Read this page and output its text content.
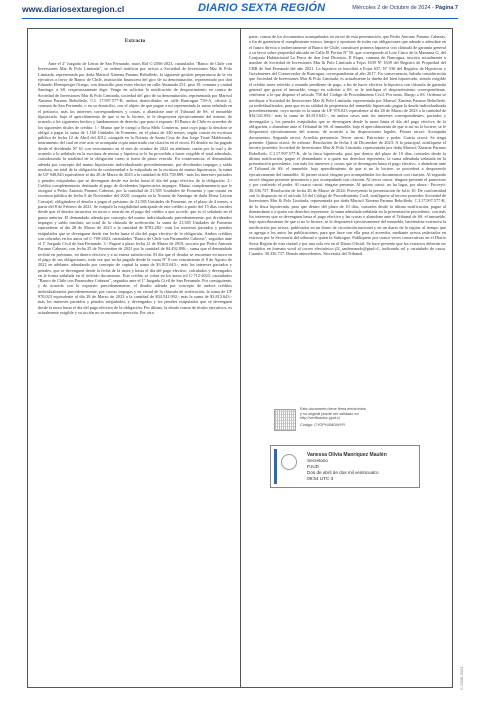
www.diariosextaregion.cl	DIARIO SEXTA REGIÓN	Miércoles 2 de Octubre de 2024 - Página 7
Extracto

Ante el 2º Juzgado de Letras de San Fernando, autos Rol C-2506-2023, caratulados "Banco de Chile con Inversiones Mar & Polo Limitada", se ordenó notificar por avisos a Sociedad de Inversiones Mar & Polo Limitada, representada por doña Marisol Ximena Paramo Rebolledo, la siguiente gestión preparatoria de la vía ejecutiva a favor de Banco de Chile, institución financiera del giro de su denominación, representado por don Eduardo Ebensperger Orrego, con domicilio para estos efectos en calle Ahumada 251, piso 10, comuna y ciudad Santiago, a SS. respetuosamente digo: Vengo en solicitar la notificación de desposeimiento en contra de Sociedad de Inversiones Mar & Polo Limitada, sociedad del giro de su denominación, representada por Marisol Ximena Paramo Rebolledo, C.I. 17.997.577-K, ambos domiciliados en calle Rancagua 739-A, oficina 2, comuna de San Fernando, o en su domicilio, con el objeto de que pague a mi representado la suma señalada en el petitorio, más los intereses correspondientes y costas, o abandone ante el Tribunal de SS. el inmueble hipotecado, bajo el apercibimiento de que si no lo hiciere, se le desposeerá ejecutivamente del mismo, de acuerdo a los siguientes hechos y fundamentos de derecho que paso a exponer: El Banco de Chile es acreedor de los siguientes títulos de crédito: 1.- Mutuo que le otorgó a Rosa Melo Contreras, para cuyo pago la deudora se obligó a pagar la suma de 1.160 Unidades de Fomento, en el plazo de 240 meses, según consta en escritura pública de fecha 12 de Abril del 2012, otorgada en la Notaría de Santa Cruz de don Jorge Tisné Maldonado, instrumento del cual en este acto se acompaña copia autorizada con citación en el otrosí. El deudor no ha pagado desde el dividendo Nº 61 con vencimiento en el mes de octubre de 2022 en adelante, razón por la cual y de acuerdo a lo señalado en la escritura de mutuo y hipoteca se le ha procedido a hacer exigible el total adeudado, considerando la totalidad de la obligación como si fuera de plazo vencido. En consecuencia, el demandado adeuda por concepto del mutuo hipotecario individualizado precedentemente, por dividendos impagos y saldo insoluto, un total de la obligación de conformidad a lo estipulado en la escritura de mutuo hipotecario, la suma de UF 948,843 equivalente al día 28 de Marzo de 2023 a la cantidad de $33.758.889.- más los intereses pactados y penales estipulados que se devenguen desde esa fecha hasta el día del pago efectivo de la obligación. 2.- Crédito complementario destinado al pago de dividendos hipotecarios impagos: Mutuo complementario que le otorgara a Pedro Antonio Paramo Cabezas, por la cantidad de 21,585 Unidades de Fomento y que consta en escritura pública de fecha 8 de Noviembre del 2020, otorgada en la Notaría de Santiago de doña Elena Leyton Carvajal, obligándose el deudor a pagar el préstamo de 21,585 Unidades de Fomento, en el plazo de 4 meses, a partir del 8 de Febrero de 2021. Se estipuló la exigibilidad anticipada de este crédito a partir del 15 días corridos desde que el deudor incurriera en mora o retardo en el pago del crédito a que accede, que es el señalado en el punto anterior. El demandado adeuda por concepto del mutuo individualizado precedentemente, por dividendos impagos y saldo insoluto, un total de la cláusula de aceleración, la suma de 21,585 Unidades de Fomento equivalente al día 28 de Marzo de 2023 a la cantidad de $782.282.- más los intereses pactados y penales estipulados que se devenguen desde esa fecha hasta el día del pago efectivo de la obligación. Ambos créditos son cobrados en los autos rol C-709-2023, caratulados "Banco de Chile con Paramoñez Cabezas", seguidos ante el 1º Juzgado Civil de San Fernando. 3.- Pagaré a plazo fecha 21 de Marzo de 2019, suscrito por Pedro Antonio Paramo Cabezas, con fecha 25 de Noviembre de 2021 por la cantidad de $4.492.896.-, suma que el demandado recibió en préstamo, en dinero efectivo y a su entera satisfacción. El día que el deudor se encuentre en mora en el pago de sus obligaciones, toda vez que no ha pagado desde la cuota Nº 8 con vencimiento el 8 de Agosto de 2022 en adelante, adeudando por concepto de capital la suma de $3.815.643.-, más los intereses pactados y penales, que se devenguen desde la fecha de la mora y hasta el día del pago efectivo, calculados y devengados en la forma señalada en el referido documento. Este crédito se cobra en los autos rol C-712-2023, caratulados "Banco de Chile con Paramoñez Cabezas", seguidos ante el 1º Juzgado Civil de San Fernando. Por consiguiente, y de acuerdo con lo expuesto precedentemente, el deudor adeuda por concepto de ambos créditos individualizados precedentemente, por cuotas impagas y en virtud de la cláusula de aceleración, la suma de UF 970,023 equivalente al día 28 de Marzo de 2023 a la cantidad de $34.541.092.- más la suma de $3.815.643.- más los intereses pactados y penales estipulados, y devengados y los penales estipulados que se devenguen desde la mora hasta el día del pago efectivo de la obligación. Por último, la deuda consta de títulos ejecutivos, es actualmente exigible y su acción no se encuentra prescrita. Por otra

parte, consta de los documentos acompañados en otrosí de esta presentación, que Pedro Antonio Paramo Cabezas, a fin de garantizar el cumplimiento exacto, íntegro y oportuno de todas sus obligaciones que adeude o adeudare en el futuro directa o indirectamente al Banco de Chile, constituyó primera hipoteca con cláusula de garantía general a su favor sobre propiedad ubicada en Calle El Portón Nº 50, que corresponde al Lote Cinco de la Manzana G, del Conjunto Habitacional La Finca de don José Dionisio, II Etapa, comuna de Nancagua, inscrito actualmente a nombre de Sociedad de Inversiones Mar & Polo Limitada a Fojas 1639 Nº 1639 del Registro de Propiedad del CBR de San Fernando del año 2021. La hipoteca se inscribió a Fojas 637, Nº 530 del Registro de Hipotecas y Gravámenes del Conservador de Rancagua, correspondiente al año 2017. En consecuencia, habida consideración que Sociedad de Inversiones Mar & Polo Limitada, es actualmente la dueña del bien hipotecado, siendo exigible el crédito antes referido y estando pendiente de pago, a fin de hacer efectiva la hipoteca con cláusula de garantía general que grava el inmueble, vengo en solicitar a SS. se le notifique el desposeimiento correspondiente, conforme a lo que dispone el artículo 758 del Código de Procedimiento Civil. Por tanto, Ruego a SS. Ordenar se notifique a Sociedad de Inversiones Mar & Polo Limitada, representada por Marisol Ximena Paramo Rebolledo, ya individualizados, para que en su calidad de propietaria del inmueble hipotecado pague la deuda individualizada precedentemente, cuyo monto es la suma de UF 970,023 equivalente al día 28 de Marzo de 2023 a la cantidad de $34.541.092.- más la suma de $3.815.643.-, en ambos casos más los intereses correspondientes, pactados y devengados y los penales estipulados que se devenguen desde la mora hasta el día del pago efectivo de la obligación, o abandone ante el Tribunal de SS. el inmueble, bajo el apercibimiento de que si así no lo hiciere, se le desposeerá ejecutivamente del mismo, de acuerdo a las disposiciones legales. Primer otrosí: Acompaña documentos. Segundo otrosí: Acredita personería. Tercer otrosí: Patrocinio y poder. Cuarto otrosí: Se tenga presente. Quinto otrosí: Se exhorte. Resolución de fecha 3 de Diciembre de 2023: A lo principal: notifíquese el tercero poseedor Sociedad de Inversiones Mar & Polo Limitada, representada por doña Marisol Ximena Paramo Rebolledo, C.I.17.997.577-K, de la finca hipotecada, para que dentro del plazo de 10 días, contados desde la última notificación, pague el demandante o a quien sus derechos represente, la suma adeudada señalada en la presentación precedente, con más los intereses y costas que se devenguen hasta el pago efectivo, o abandone ante el Tribunal de SS. el inmueble, bajo apercibimiento de que si no lo hiciere, se procederá a desposeerle ejecutivamente del inmueble. Al primer otrosí: téngase por acompañados los documentos con citación. Al segundo otrosí: téngase presente personería y por acompañado con citación. Al tercer otrosí: téngase presente el patrocinio y por conferido el poder. Al cuarto otrosí: téngase presente. Al quinto otrosí: no ha lugar, por ahora.- Proveyó: 30.336.737. Resolución de fecha 26 de Marzo de 2024: Proveyendo la presentación de folio 10. De conformidad con lo dispuesto en el artículo 54 del Código de Procedimiento Civil, notifíquese al tercero poseedor Sociedad de Inversiones Mar & Polo Limitada, representada por doña Marisol Ximena Paramo Rebolledo, C.I.17.997.577-K, de la finca hipotecada, para que dentro del plazo de 10 días, contados desde la última notificación, pague al demandante o a quien sus derechos represente, la suma adeudada señalada en la presentación precedente, con más los intereses que se devenguen hasta el pago efectivo y las costas o abandone ante el Tribunal de SS. el inmueble, bajo apercibimiento de que si no lo hiciere, se le desposeerá ejecutivamente del inmueble, haciéndose extensiva la notificación por avisos, publicados en un diario de circulación nacional y en un diario de la región, al tiempo que se agrega a los autos las publicaciones, para que hace con ella para el acreedor, mediante avisos redactados en extracto por la Secretaría del tribunal o quien la Subrogue. Publíquese por cuatro veces consecutivas en el Diario Sexta Región de esta ciudad y por una sola vez en el Diario Oficial. Se hace presente que los extractos deberán ser remitidos en formato word al correo electrónico jl2_sanfernando@pjud.cl., indicando rol y caratulado de causa. Cuantía: 30.336.737. Demás antecedentes, Secretaría del Tribunal.

Este documento tiene firma electrónica
y su original puede ser validado en
http://verificadoc.pjud.cl
Código: CYGPHXMDWYR
Vanessa Olivia Manríquez Maulén
Secretario
PJUD
Dos de abril de dos mil veinticuatro
09:54 UTC-3
C-2506-2023
